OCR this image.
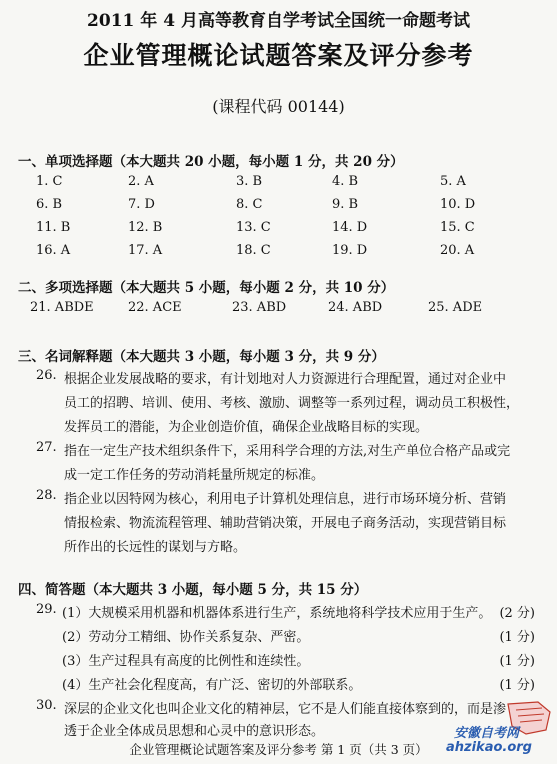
2011 年 4 月高等教育自学考试全国统一命题考试
企业管理概论试题答案及评分参考
(课程代码 00144)
一、单项选择题（本大题共 20 小题，每小题 1 分，共 20 分）
1. C	2. A	3. B	4. B	5. A
6. B	7. D	8. C	9. B	10. D
11. B	12. B	13. C	14. D	15. C
16. A	17. A	18. C	19. D	20. A
二、多项选择题（本大题共 5 小题，每小题 2 分，共 10 分）
21. ABDE	22. ACE	23. ABD	24. ABD	25. ADE
三、名词解释题（本大题共 3 小题，每小题 3 分，共 9 分）
26. 根据企业发展战略的要求，有计划地对人力资源进行合理配置，通过对企业中
员工的招聘、培训、使用、考核、激励、调整等一系列过程，调动员工积极性，
发挥员工的潜能，为企业创造价值，确保企业战略目标的实现。
27. 指在一定生产技术组织条件下，采用科学合理的方法,对生产单位合格产品或完
成一定工作任务的劳动消耗量所规定的标准。
28. 指企业以因特网为核心，利用电子计算机处理信息，进行市场环境分析、营销
情报检索、物流流程管理、辅助营销决策，开展电子商务活动，实现营销目标
所作出的长远性的谋划与方略。
四、简答题（本大题共 3 小题，每小题 5 分，共 15 分）
29. (1）大规模采用机器和机器体系进行生产，系统地将科学技术应用于生产。 (2 分)
(2）劳动分工精细、协作关系复杂、严密。	(1 分)
(3）生产过程具有高度的比例性和连续性。	(1 分)
(4）生产社会化程度高，有广泛、密切的外部联系。	(1 分)
30. 深层的企业文化也叫企业文化的精神层，它不是人们能直接体察到的，而是渗
透于企业全体成员思想和心灵中的意识形态。
企业管理概论试题答案及评分参考 第 1 页（共 3 页）
安徽自考网
ahzikao.org
